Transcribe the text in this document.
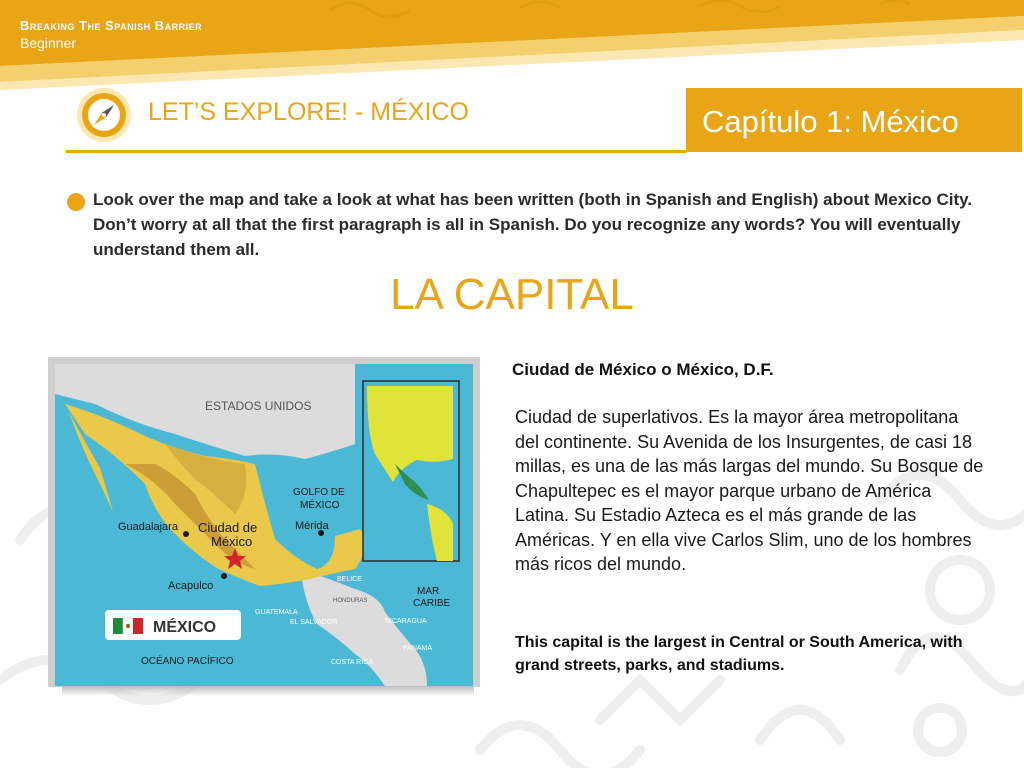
Breaking The Spanish Barrier
Beginner
LET’S EXPLORE! - MÉXICO	Capítulo 1: México
Look over the map and take a look at what has been written (both in Spanish and English) about Mexico City. Don’t worry at all that the first paragraph is all in Spanish. Do you recognize any words? You will eventually understand them all.
LA CAPITAL
ESTADOS UNIDOS
GOLFO DE
MÉXICO
Guadalajara Ciudad de
México
Mérida
Acapulco
BELICE
HONDURAS
GUATEMALA
EL SALVADOR	NICARAGUA
MAR
CARIBE
COSTA RICA
PANAMÁ
OCÉANO PACÍFICO
MÉXICO
Ciudad de México o México, D.F.
Ciudad de superlativos. Es la mayor área metropolitana del continente. Su Avenida de los Insurgentes, de casi 18 millas, es una de las más largas del mundo. Su Bosque de Chapultepec es el mayor parque urbano de América Latina. Su Estadio Azteca es el más grande de las Américas. Y en ella vive Carlos Slim, uno de los hombres más ricos del mundo.
This capital is the largest in Central or South America, with grand streets, parks, and stadiums.
